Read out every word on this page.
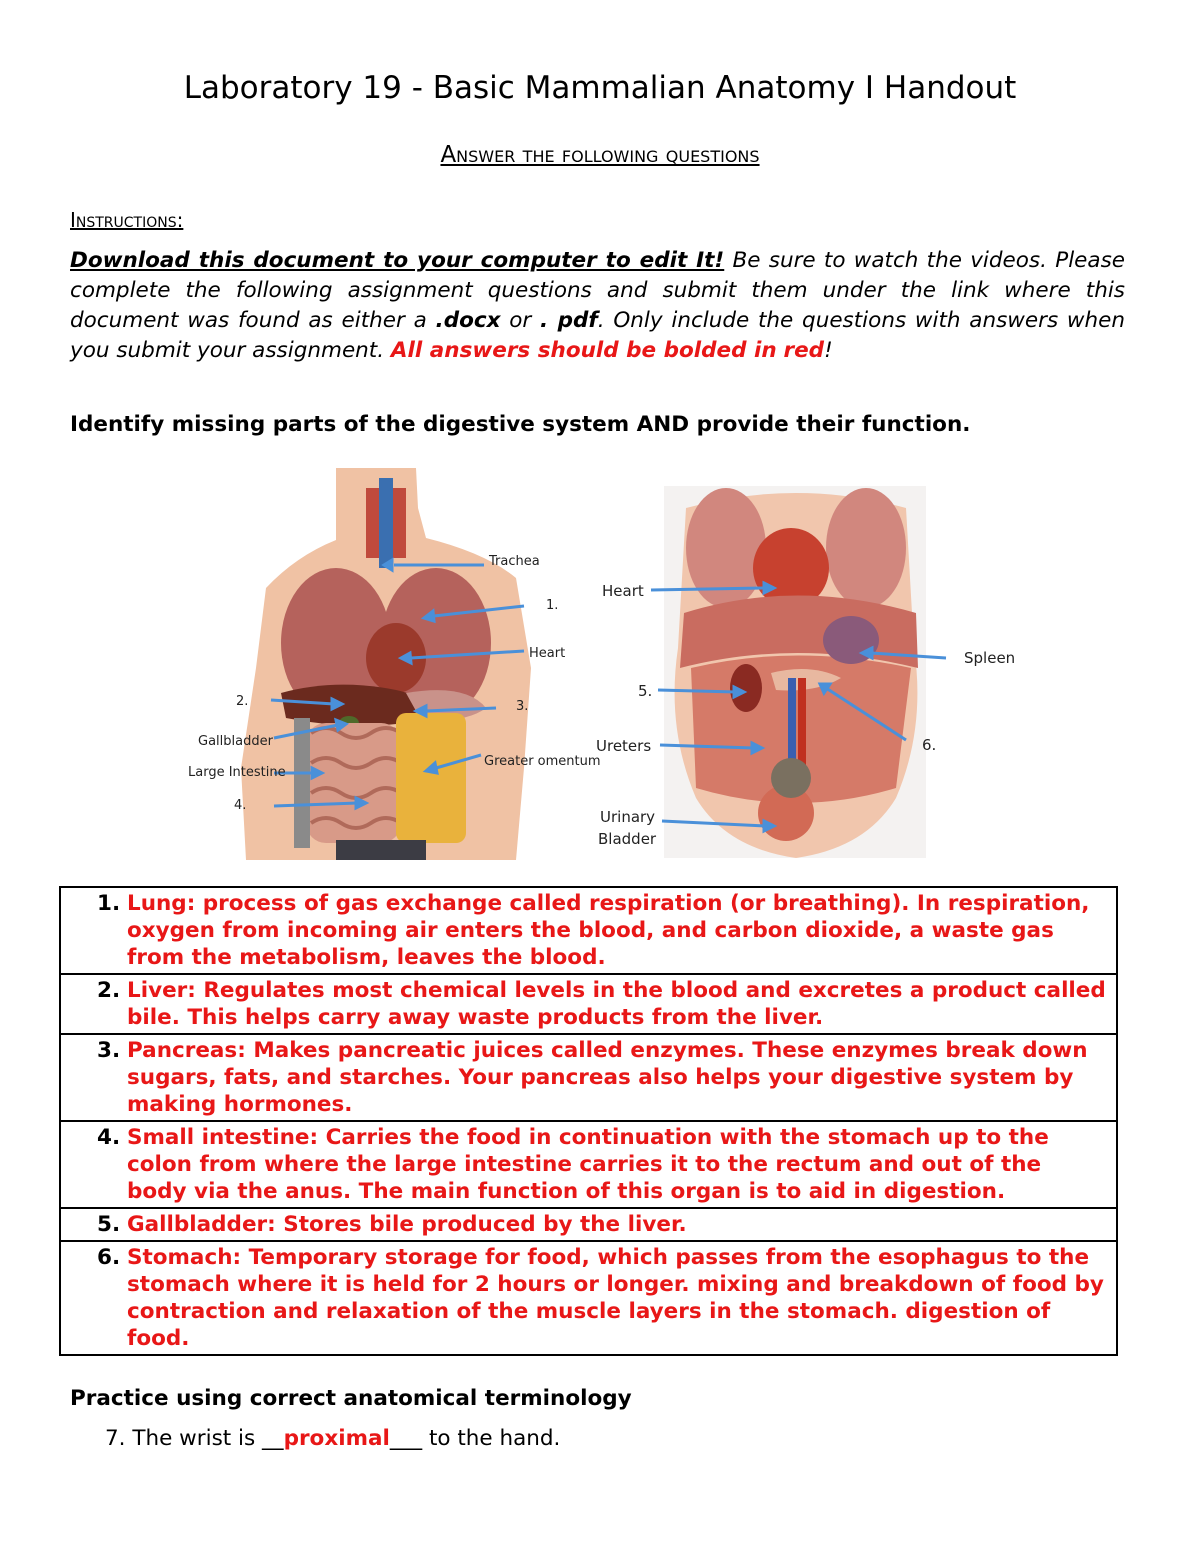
Laboratory 19 - Basic Mammalian Anatomy I Handout
Answer the following questions
Instructions:
Download this document to your computer to edit It! Be sure to watch the videos. Please complete the following assignment questions and submit them under the link where this document was found as either a .docx or . pdf. Only include the questions with answers when you submit your assignment. All answers should be bolded in red!
Identify missing parts of the digestive system AND provide their function.
Trachea
1.
Heart
2.	3.
Gallbladder
Large Intestine
Greater omentum
4.
Heart
Spleen
5.
Ureters	6.
Urinary
Bladder
1. Lung: process of gas exchange called respiration (or breathing). In respiration, oxygen from incoming air enters the blood, and carbon dioxide, a waste gas from the metabolism, leaves the blood.

2. Liver: Regulates most chemical levels in the blood and excretes a product called bile. This helps carry away waste products from the liver.

3. Pancreas: Makes pancreatic juices called enzymes. These enzymes break down sugars, fats, and starches. Your pancreas also helps your digestive system by making hormones.

4. Small intestine: Carries the food in continuation with the stomach up to the colon from where the large intestine carries it to the rectum and out of the body via the anus. The main function of this organ is to aid in digestion.

5. Gallbladder: Stores bile produced by the liver.

6. Stomach: Temporary storage for food, which passes from the esophagus to the stomach where it is held for 2 hours or longer. mixing and breakdown of food by contraction and relaxation of the muscle layers in the stomach. digestion of food.
Practice using correct anatomical terminology
7. The wrist is __proximal___ to the hand.
